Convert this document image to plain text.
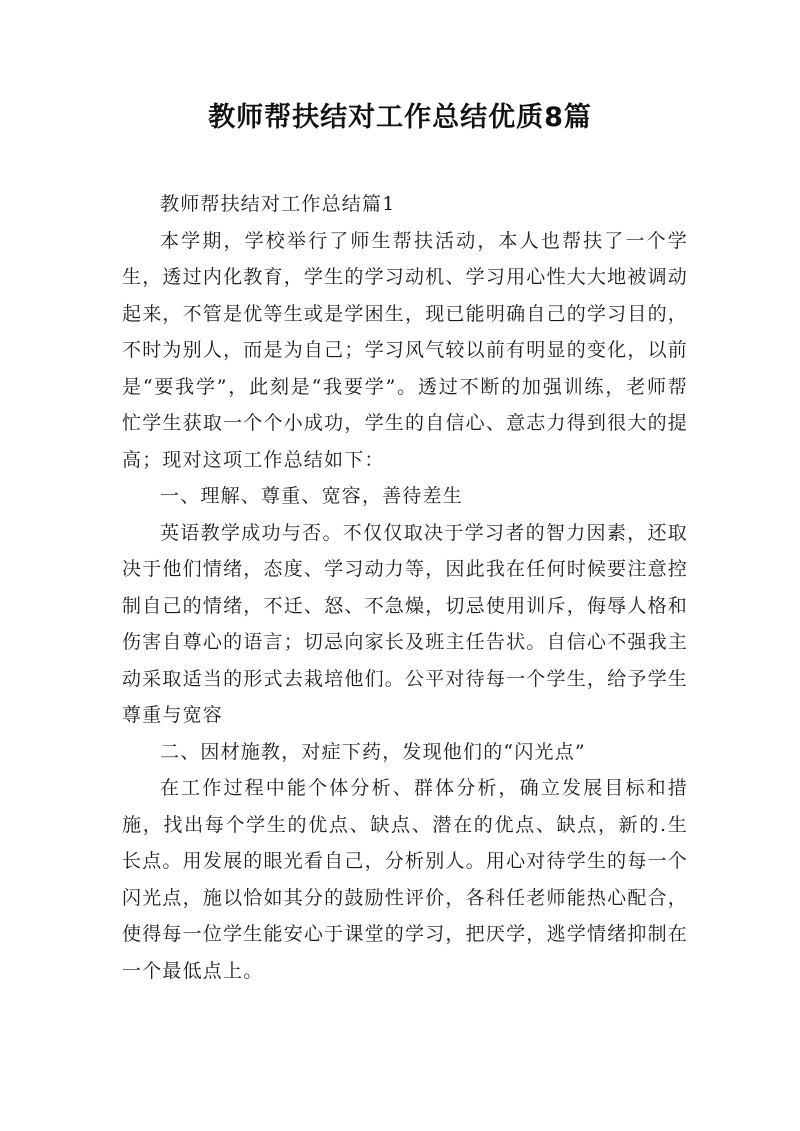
教师帮扶结对工作总结优质8篇

教师帮扶结对工作总结篇1

本学期，学校举行了师生帮扶活动，本人也帮扶了一个学生，透过内化教育，学生的学习动机、学习用心性大大地被调动起来，不管是优等生或是学困生，现已能明确自己的学习目的，不时为别人，而是为自己；学习风气较以前有明显的变化，以前是“要我学”，此刻是“我要学”。透过不断的加强训练，老师帮忙学生获取一个个小成功，学生的自信心、意志力得到很大的提高；现对这项工作总结如下：

一、理解、尊重、宽容，善待差生

英语教学成功与否。不仅仅取决于学习者的智力因素，还取决于他们情绪，态度、学习动力等，因此我在任何时候要注意控制自己的情绪，不迁、怒、不急燥，切忌使用训斥，侮辱人格和伤害自尊心的语言；切忌向家长及班主任告状。自信心不强我主动采取适当的形式去栽培他们。公平对待每一个学生，给予学生尊重与宽容

二、因材施教，对症下药，发现他们的“闪光点”

在工作过程中能个体分析、群体分析，确立发展目标和措施，找出每个学生的优点、缺点、潜在的优点、缺点，新的.生长点。用发展的眼光看自己，分析别人。用心对待学生的每一个闪光点，施以恰如其分的鼓励性评价，各科任老师能热心配合，使得每一位学生能安心于课堂的学习，把厌学，逃学情绪抑制在一个最低点上。
